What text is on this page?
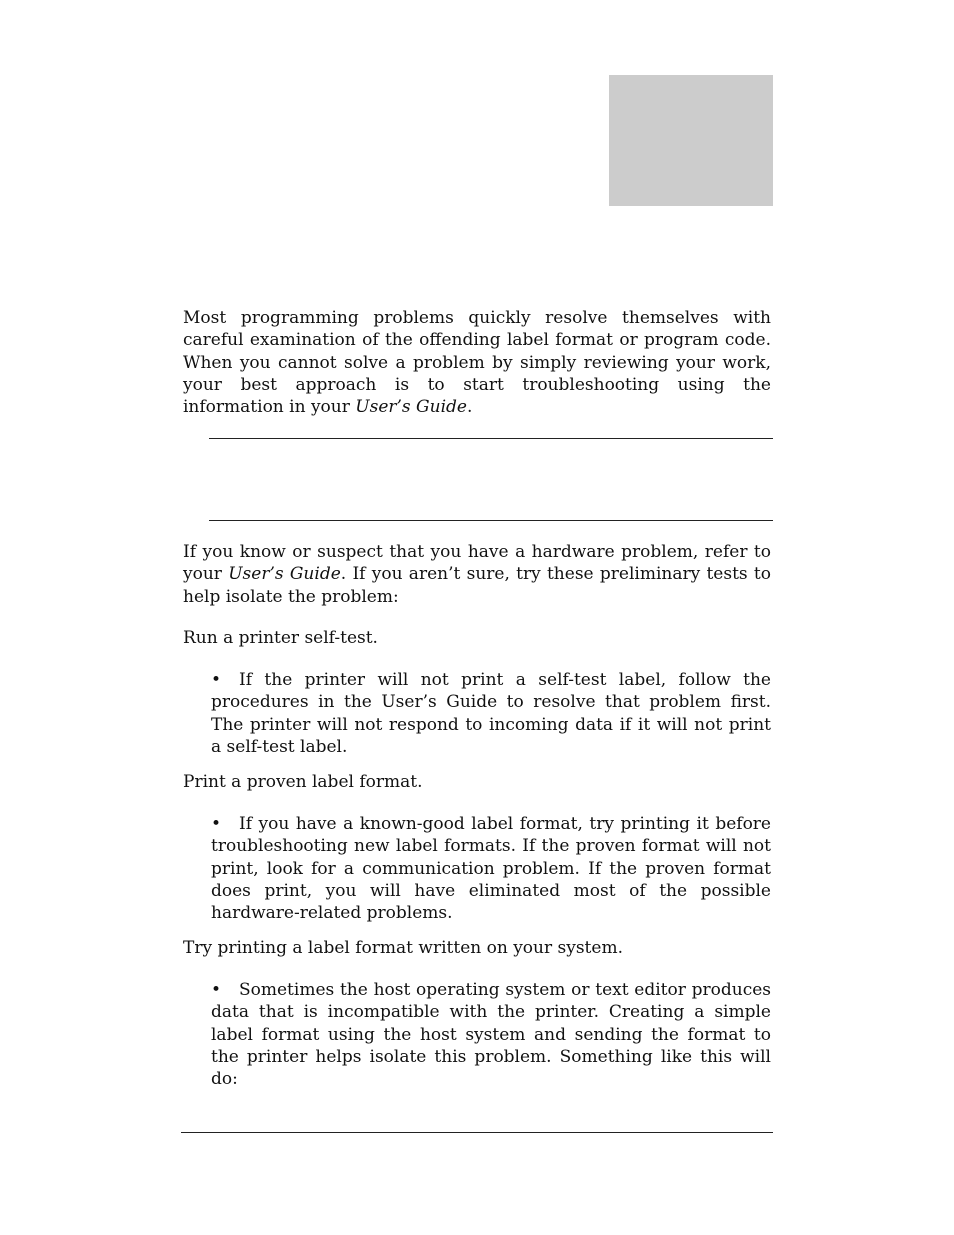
Most programming problems quickly resolve themselves with careful examination of the offending label format or program code. When you cannot solve a problem by simply reviewing your work, your best approach is to start troubleshooting using the information in your User’s Guide.

If you know or suspect that you have a hardware problem, refer to your User’s Guide. If you aren’t sure, try these preliminary tests to help isolate the problem:

Run a printer self-test.

• If the printer will not print a self-test label, follow the procedures in the User’s Guide to resolve that problem first. The printer will not respond to incoming data if it will not print a self-test label.

Print a proven label format.

• If you have a known-good label format, try printing it before troubleshooting new label formats. If the proven format will not print, look for a communication problem. If the proven format does print, you will have eliminated most of the possible hardware-related problems.

Try printing a label format written on your system.

• Sometimes the host operating system or text editor produces data that is incompatible with the printer. Creating a simple label format using the host system and sending the format to the printer helps isolate this problem. Something like this will do:
